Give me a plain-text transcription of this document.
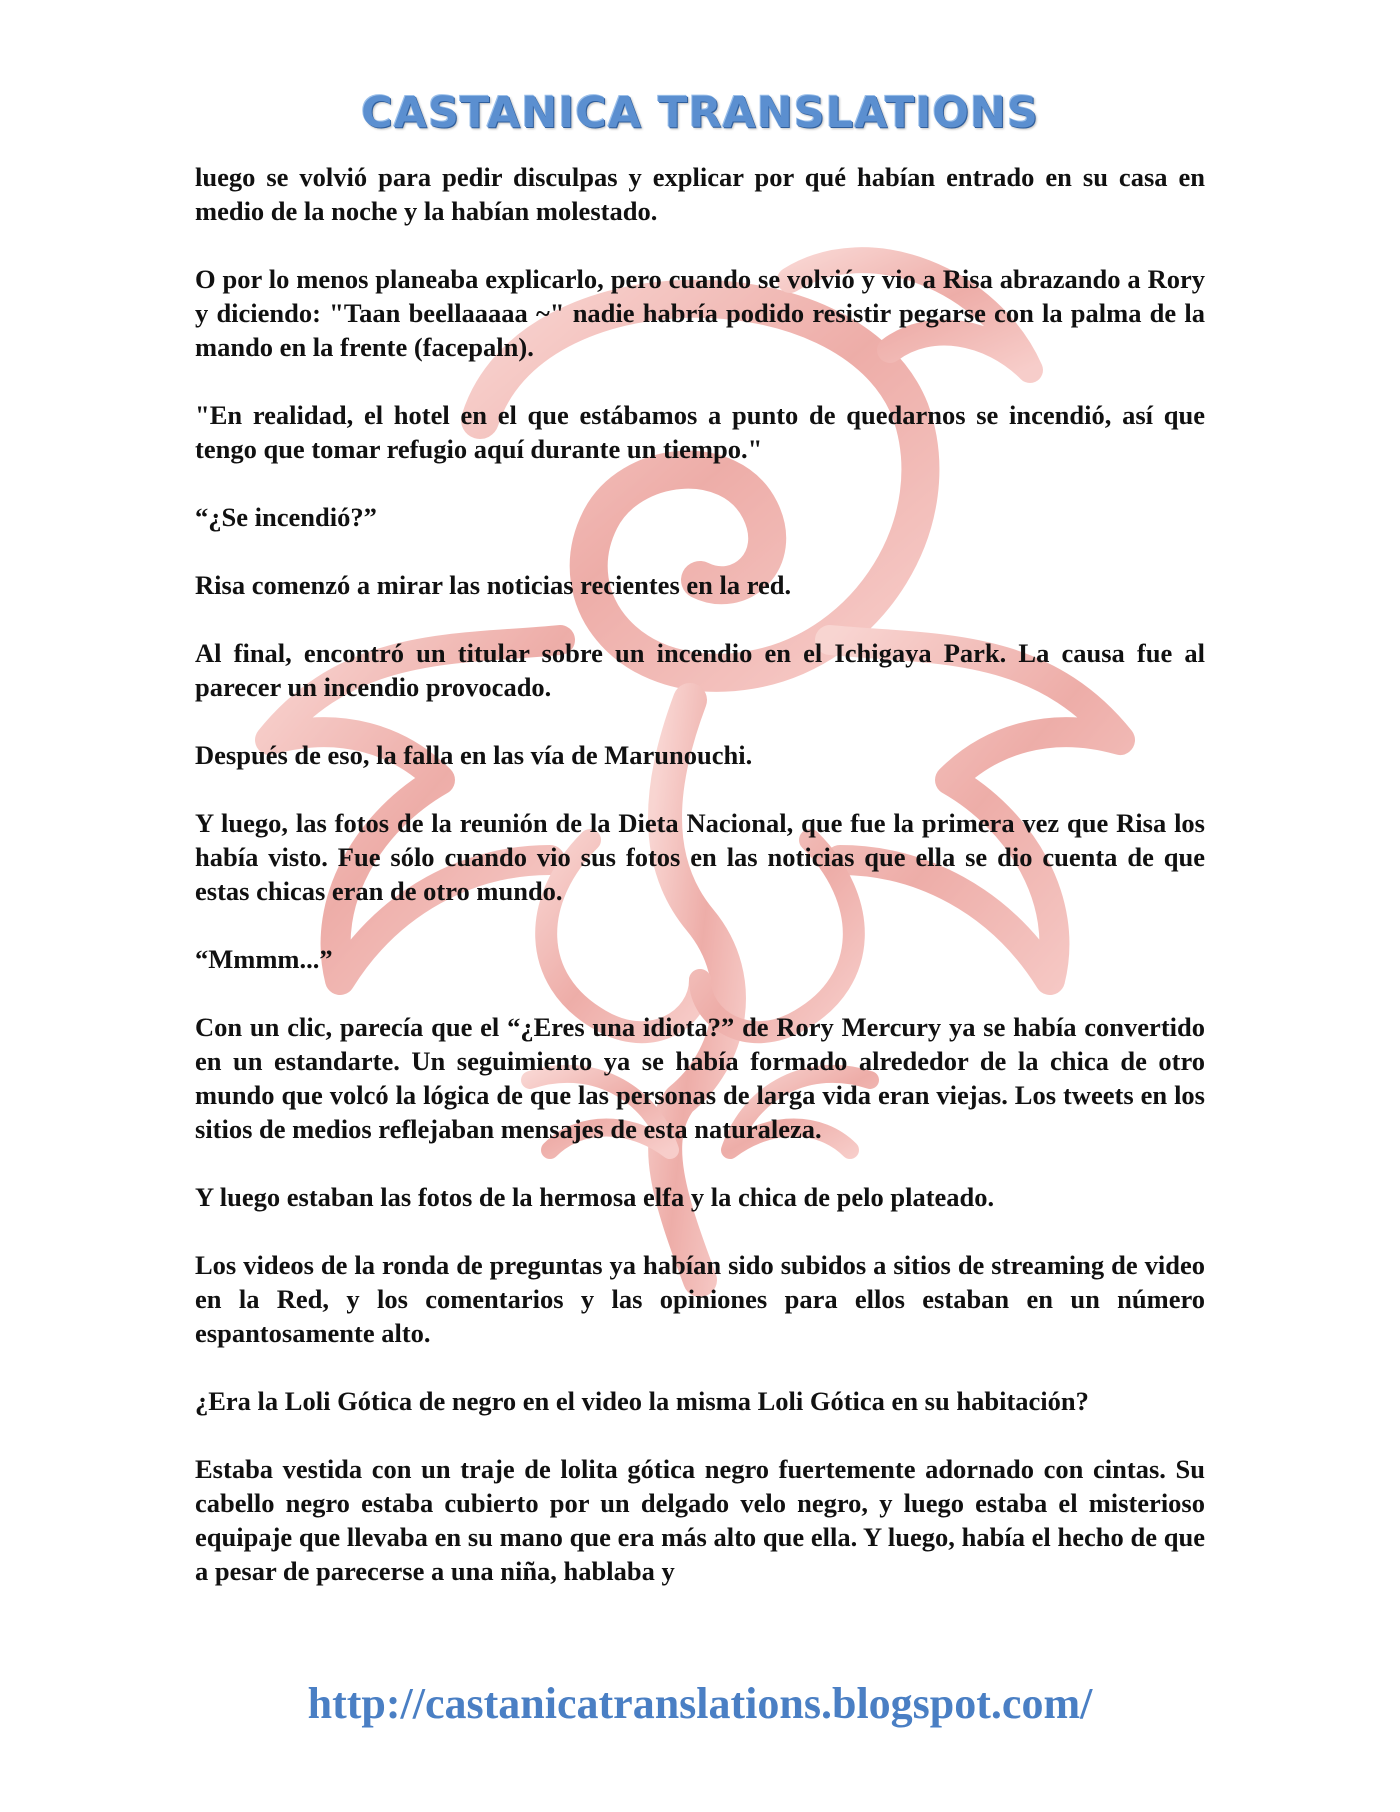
CASTANICA TRANSLATIONS

luego se volvió para pedir disculpas y explicar por qué habían entrado en su casa en medio de la noche y la habían molestado.

O por lo menos planeaba explicarlo, pero cuando se volvió y vio a Risa abrazando a Rory y diciendo: "Taan beellaaaaa ~" nadie habría podido resistir pegarse con la palma de la mando en la frente (facepaln).

"En realidad, el hotel en el que estábamos a punto de quedarnos se incendió, así que tengo que tomar refugio aquí durante un tiempo."

“¿Se incendió?”

Risa comenzó a mirar las noticias recientes en la red.

Al final, encontró un titular sobre un incendio en el Ichigaya Park. La causa fue al parecer un incendio provocado.

Después de eso, la falla en las vía de Marunouchi.

Y luego, las fotos de la reunión de la Dieta Nacional, que fue la primera vez que Risa los había visto. Fue sólo cuando vio sus fotos en las noticias que ella se dio cuenta de que estas chicas eran de otro mundo.

“Mmmm...”

Con un clic, parecía que el “¿Eres una idiota?” de Rory Mercury ya se había convertido en un estandarte. Un seguimiento ya se había formado alrededor de la chica de otro mundo que volcó la lógica de que las personas de larga vida eran viejas. Los tweets en los sitios de medios reflejaban mensajes de esta naturaleza.

Y luego estaban las fotos de la hermosa elfa y la chica de pelo plateado.

Los videos de la ronda de preguntas ya habían sido subidos a sitios de streaming de video en la Red, y los comentarios y las opiniones para ellos estaban en un número espantosamente alto.

¿Era la Loli Gótica de negro en el video la misma Loli Gótica en su habitación?

Estaba vestida con un traje de lolita gótica negro fuertemente adornado con cintas. Su cabello negro estaba cubierto por un delgado velo negro, y luego estaba el misterioso equipaje que llevaba en su mano que era más alto que ella. Y luego, había el hecho de que a pesar de parecerse a una niña, hablaba y

http://castanicatranslations.blogspot.com/
